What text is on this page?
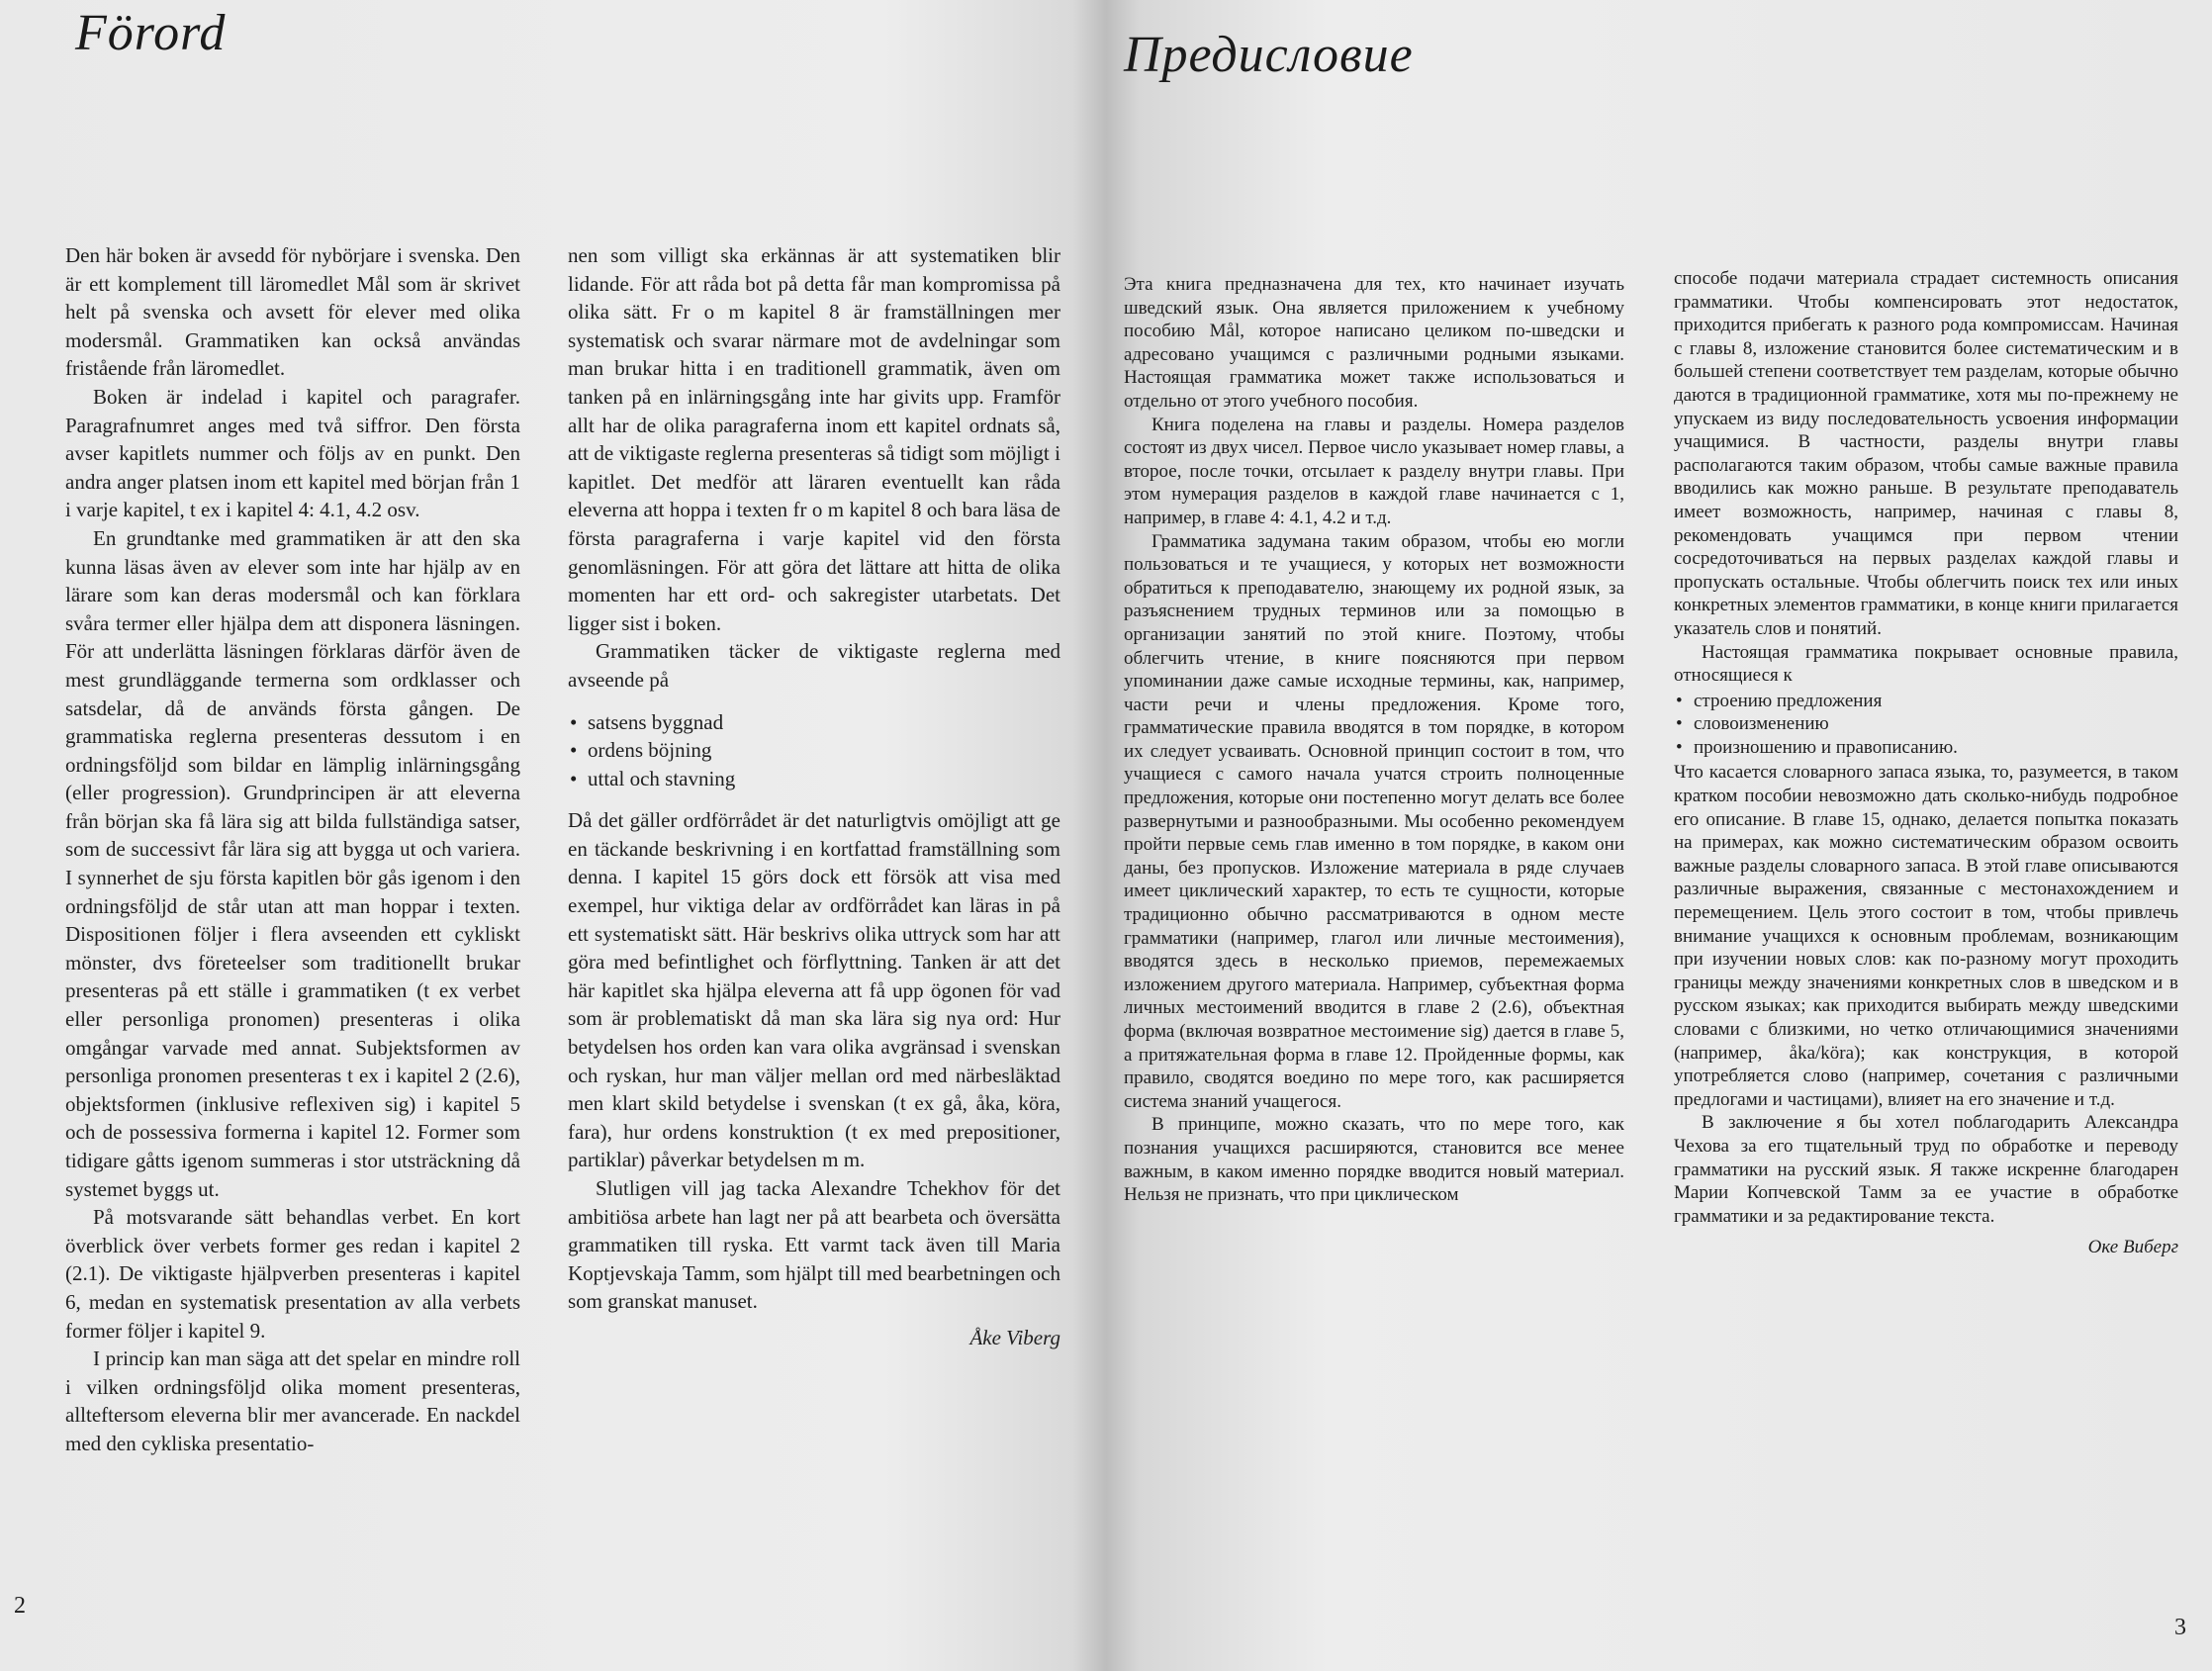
Förord
2
Предисловие
3

Den här boken är avsedd för nybörjare i svenska. Den är ett komplement till läromedlet Mål som är skrivet helt på svenska och avsett för elever med olika modersmål. Grammatiken kan också användas fristående från läromedlet.

Boken är indelad i kapitel och paragrafer. Paragrafnumret anges med två siffror. Den första avser kapitlets nummer och följs av en punkt. Den andra anger platsen inom ett kapitel med början från 1 i varje kapitel, t ex i kapitel 4: 4.1, 4.2 osv.

En grundtanke med grammatiken är att den ska kunna läsas även av elever som inte har hjälp av en lärare som kan deras modersmål och kan förklara svåra termer eller hjälpa dem att disponera läsningen. För att underlätta läsningen förklaras därför även de mest grundläggande termerna som ordklasser och satsdelar, då de används första gången. De grammatiska reglerna presenteras dessutom i en ordningsföljd som bildar en lämplig inlärningsgång (eller progression). Grundprincipen är att eleverna från början ska få lära sig att bilda fullständiga satser, som de successivt får lära sig att bygga ut och variera. I synnerhet de sju första kapitlen bör gås igenom i den ordningsföljd de står utan att man hoppar i texten. Dispositionen följer i flera avseenden ett cykliskt mönster, dvs företeelser som traditionellt brukar presenteras på ett ställe i grammatiken (t ex verbet eller personliga pronomen) presenteras i olika omgångar varvade med annat. Subjektsformen av personliga pronomen presenteras t ex i kapitel 2 (2.6), objektsformen (inklusive reflexiven sig) i kapitel 5 och de possessiva formerna i kapitel 12. Former som tidigare gåtts igenom summeras i stor utsträckning då systemet byggs ut.

På motsvarande sätt behandlas verbet. En kort överblick över verbets former ges redan i kapitel 2 (2.1). De viktigaste hjälpverben presenteras i kapitel 6, medan en systematisk presentation av alla verbets former följer i kapitel 9.

I princip kan man säga att det spelar en mindre roll i vilken ordningsföljd olika moment presenteras, allteftersom eleverna blir mer avancerade. En nackdel med den cykliska presentatio-

nen som villigt ska erkännas är att systematiken blir lidande. För att råda bot på detta får man kompromissa på olika sätt. Fr o m kapitel 8 är framställningen mer systematisk och svarar närmare mot de avdelningar som man brukar hitta i en traditionell grammatik, även om tanken på en inlärningsgång inte har givits upp. Framför allt har de olika paragraferna inom ett kapitel ordnats så, att de viktigaste reglerna presenteras så tidigt som möjligt i kapitlet. Det medför att läraren eventuellt kan råda eleverna att hoppa i texten fr o m kapitel 8 och bara läsa de första paragraferna i varje kapitel vid den första genomläsningen. För att göra det lättare att hitta de olika momenten har ett ord- och sakregister utarbetats. Det ligger sist i boken.

Grammatiken täcker de viktigaste reglerna med avseende på

• satsens byggnad
• ordens böjning
• uttal och stavning

Då det gäller ordförrådet är det naturligtvis omöjligt att ge en täckande beskrivning i en kortfattad framställning som denna. I kapitel 15 görs dock ett försök att visa med exempel, hur viktiga delar av ordförrådet kan läras in på ett systematiskt sätt. Här beskrivs olika uttryck som har att göra med befintlighet och förflyttning. Tanken är att det här kapitlet ska hjälpa eleverna att få upp ögonen för vad som är problematiskt då man ska lära sig nya ord: Hur betydelsen hos orden kan vara olika avgränsad i svenskan och ryskan, hur man väljer mellan ord med närbesläktad men klart skild betydelse i svenskan (t ex gå, åka, köra, fara), hur ordens konstruktion (t ex med prepositioner, partiklar) påverkar betydelsen m m.

Slutligen vill jag tacka Alexandre Tchekhov för det ambitiösa arbete han lagt ner på att bearbeta och översätta grammatiken till ryska. Ett varmt tack även till Maria Koptjevskaja Tamm, som hjälpt till med bearbetningen och som granskat manuset.

Åke Viberg

Эта книга предназначена для тех, кто начинает изучать шведский язык. Она является приложением к учебному пособию Mål, которое написано целиком по-шведски и адресовано учащимся с различными родными языками. Настоящая грамматика может также использоваться и отдельно от этого учебного пособия.

Книга поделена на главы и разделы. Номера разделов состоят из двух чисел. Первое число указывает номер главы, а второе, после точки, отсылает к разделу внутри главы. При этом нумерация разделов в каждой главе начинается с 1, например, в главе 4: 4.1, 4.2 и т.д.

Грамматика задумана таким образом, чтобы ею могли пользоваться и те учащиеся, у которых нет возможности обратиться к преподавателю, знающему их родной язык, за разъяснением трудных терминов или за помощью в организации занятий по этой книге. Поэтому, чтобы облегчить чтение, в книге поясняются при первом упоминании даже самые исходные термины, как, например, части речи и члены предложения. Кроме того, грамматические правила вводятся в том порядке, в котором их следует усваивать. Основной принцип состоит в том, что учащиеся с самого начала учатся строить полноценные предложения, которые они постепенно могут делать все более развернутыми и разнообразными. Мы особенно рекомендуем пройти первые семь глав именно в том порядке, в каком они даны, без пропусков. Изложение материала в ряде случаев имеет циклический характер, то есть те сущности, которые традиционно обычно рассматриваются в одном месте грамматики (например, глагол или личные местоимения), вводятся здесь в несколько приемов, перемежаемых изложением другого материала. Например, субъектная форма личных местоимений вводится в главе 2 (2.6), объектная форма (включая возвратное местоимение sig) дается в главе 5, а притяжательная форма в главе 12. Пройденные формы, как правило, сводятся воедино по мере того, как расширяется система знаний учащегося.

В принципе, можно сказать, что по мере того, как познания учащихся расширяются, становится все менее важным, в каком именно порядке вводится новый материал. Нельзя не признать, что при циклическом

способе подачи материала страдает системность описания грамматики. Чтобы компенсировать этот недостаток, приходится прибегать к разного рода компромиссам. Начиная с главы 8, изложение становится более систематическим и в большей степени соответствует тем разделам, которые обычно даются в традиционной грамматике, хотя мы по-прежнему не упускаем из виду последовательность усвоения информации учащимися. В частности, разделы внутри главы располагаются таким образом, чтобы самые важные правила вводились как можно раньше. В результате преподаватель имеет возможность, например, начиная с главы 8, рекомендовать учащимся при первом чтении сосредоточиваться на первых разделах каждой главы и пропускать остальные. Чтобы облегчить поиск тех или иных конкретных элементов грамматики, в конце книги прилагается указатель слов и понятий.

Настоящая грамматика покрывает основные правила, относящиеся к

• строению предложения
• словоизменению
• произношению и правописанию.

Что касается словарного запаса языка, то, разумеется, в таком кратком пособии невозможно дать сколько-нибудь подробное его описание. В главе 15, однако, делается попытка показать на примерах, как можно систематическим образом освоить важные разделы словарного запаса. В этой главе описываются различные выражения, связанные с местонахождением и перемещением. Цель этого состоит в том, чтобы привлечь внимание учащихся к основным проблемам, возникающим при изучении новых слов: как по-разному могут проходить границы между значениями конкретных слов в шведском и в русском языках; как приходится выбирать между шведскими словами с близкими, но четко отличающимися значениями (например, åka/köra); как конструкция, в которой употребляется слово (например, сочетания с различными предлогами и частицами), влияет на его значение и т.д.

В заключение я бы хотел поблагодарить Александра Чехова за его тщательный труд по обработке и переводу грамматики на русский язык. Я также искренне благодарен Марии Копчевской Тамм за ее участие в обработке грамматики и за редактирование текста.

Оке Виберг
